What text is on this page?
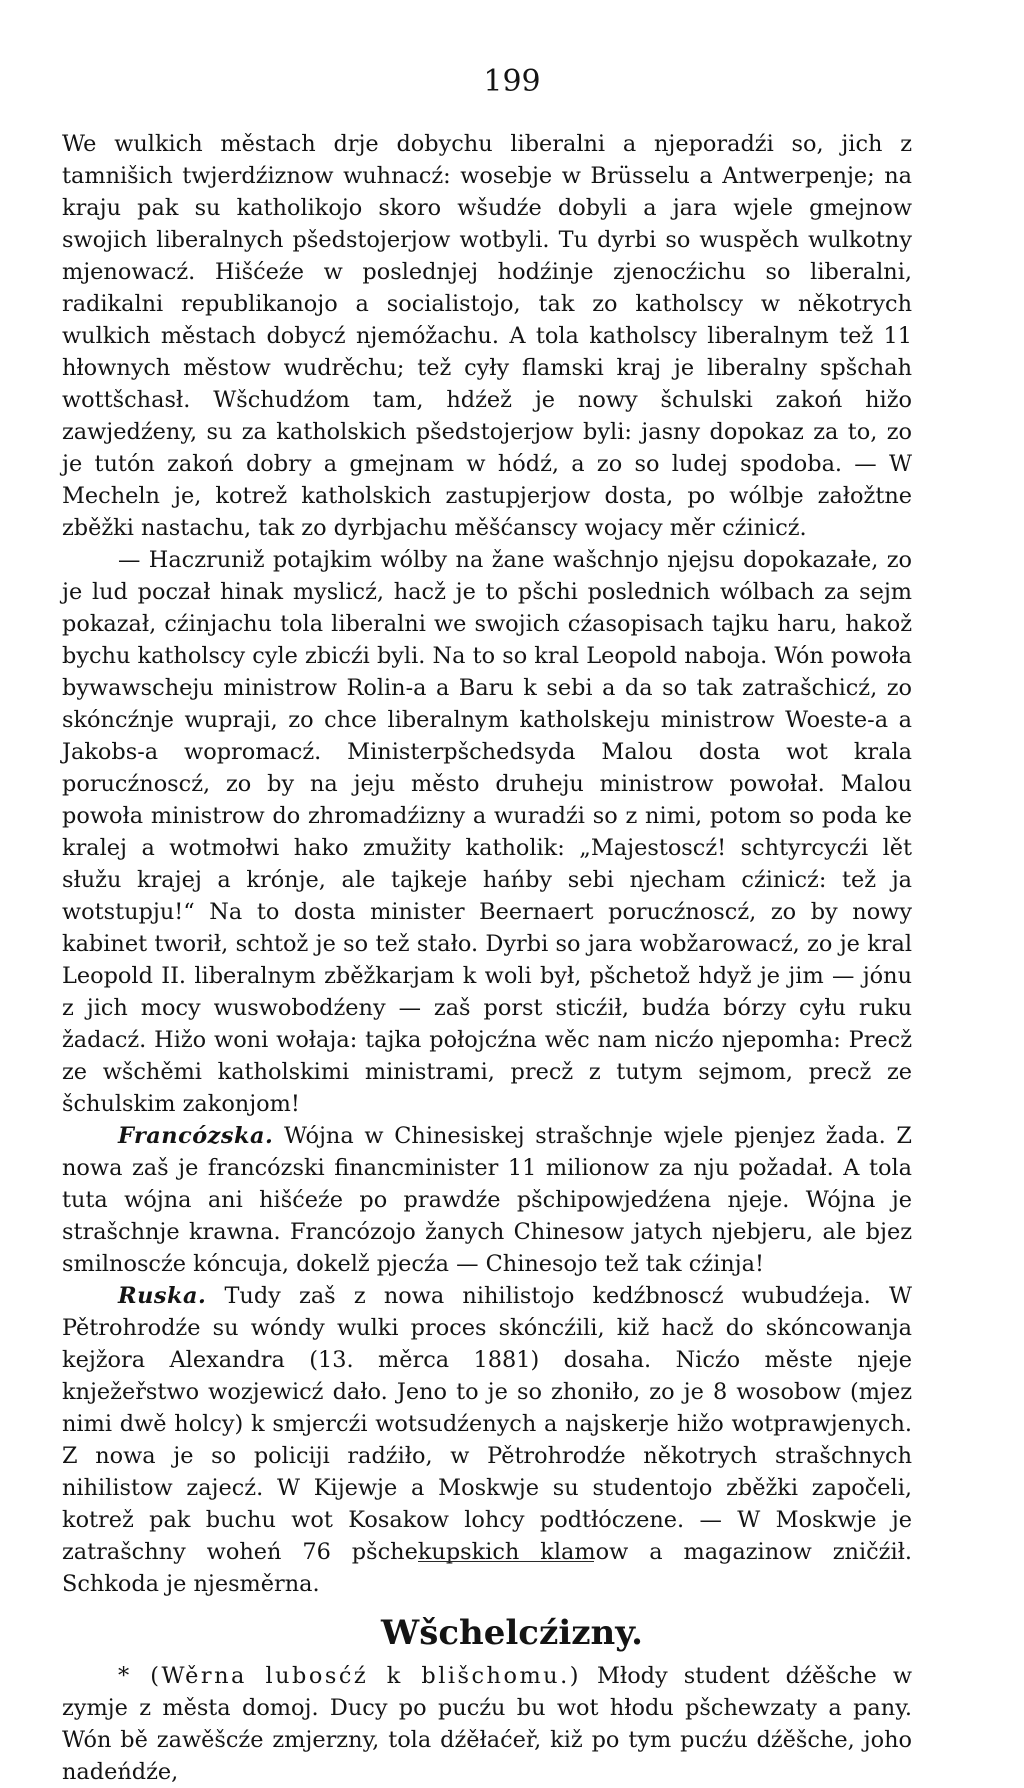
199

We wulkich městach drje dobychu liberalni a njeporadźi so, jich z tamnišich twjerdźiznow wuhnacź: wosebje w Brüsselu a Antwerpenje; na kraju pak su katholikojo skoro wšudźe dobyli a jara wjele gmejnow swojich liberalnych pšedstojerjow wotbyli. Tu dyrbi so wuspěch wulkotny mjenowacź. Hišćeźe w poslednjej hodźinje zjenocźichu so liberalni, radikalni republikanojo a socialistojo, tak zo katholscy w někotrych wulkich městach dobycź njemóžachu. A tola katholscy liberalnym tež 11 hłownych městow wudrěchu; tež cyły flamski kraj je liberalny spšchah wottšchasł. Wšchudźom tam, hdźež je nowy šchulski zakoń hižo zawjedźeny, su za katholskich pšedstojerjow byli: jasny dopokaz za to, zo je tutón zakoń dobry a gmejnam w hódź, a zo so ludej spodoba. — W Mecheln je, kotrež katholskich zastupjerjow dosta, po wólbje załožtne zběžki nastachu, tak zo dyrbjachu měšćanscy wojacy měr cźinicź.

— Haczruniž potajkim wólby na žane wašchnjo njejsu dopokazałe, zo je lud poczał hinak myslicź, hacž je to pšchi poslednich wólbach za sejm pokazał, cźinjachu tola liberalni we swojich cźasopisach tajku haru, hakož bychu katholscy cyle zbicźi byli. Na to so kral Leopold naboja. Wón powoła bywawscheju ministrow Rolin-a a Baru k sebi a da so tak zatrašchicź, zo skóncźnje wupraji, zo chce liberalnym katholskeju ministrow Woeste-a a Jakobs-a wopromacź. Ministerpšchedsyda Malou dosta wot krala porucźnoscź, zo by na jeju město druheju ministrow powołał. Malou powoła ministrow do zhromadźizny a wuradźi so z nimi, potom so poda ke kralej a wotmołwi hako zmužity katholik: „Majestoscź! schtyrcycźi lět słužu krajej a krónje, ale tajkeje hańby sebi njecham cźinicź: tež ja wotstupju!“ Na to dosta minister Beernaert porucźnoscź, zo by nowy kabinet tworił, schtož je so tež stało. Dyrbi so jara wobžarowacź, zo je kral Leopold II. liberalnym zběžkarjam k woli był, pšchetož hdyž je jim — jónu z jich mocy wuswobodźeny — zaš porst sticźił, budźa bórzy cyłu ruku žadacź. Hižo woni wołaja: tajka połojcźna wěc nam nicźo njepomha: Precž ze wšchěmi katholskimi ministrami, precž z tutym sejmom, precž ze šchulskim zakonjom!

Francózska. Wójna w Chinesiskej strašchnje wjele pjenjez žada. Z nowa zaš je francózski financminister 11 milionow za nju požadał. A tola tuta wójna ani hišćeźe po prawdźe pšchipowjedźena njeje. Wójna je strašchnje krawna. Francózojo žanych Chinesow jatych njebjeru, ale bjez smilnoscźe kóncuja, dokelž pjecźa — Chinesojo tež tak cźinja!

Ruska. Tudy zaš z nowa nihilistojo kedźbnoscź wubudźeja. W Pětrohrodźe su wóndy wulki proces skóncźili, kiž hacž do skóncowanja kejžora Alexandra (13. měrca 1881) dosaha. Nicźo měste njeje knježeřstwo wozjewicź dało. Jeno to je so zhoniło, zo je 8 wosobow (mjez nimi dwě holcy) k smjercźi wotsudźenych a najskerje hižo wotprawjenych. Z nowa je so policiji radźiło, w Pětrohrodźe někotrych strašchnych nihilistow zajecź. W Kijewje a Moskwje su studentojo zběžki započeli, kotrež pak buchu wot Kosakow lohcy podtłóczene. — W Moskwje je zatrašchny woheń 76 pšchekupskich klamow a magazinow zničźił. Schkoda je njesměrna.

Wšchelcźizny.

* (Wěrna lubosćź k blišchomu.) Młody student dźěšche w zymje z města domoj. Ducy po pucźu bu wot hłodu pšchewzaty a pany. Wón bě zawěšcźe zmjerzny, tola dźěłaćeř, kiž po tym pucźu dźěšche, joho nadeńdźe,
